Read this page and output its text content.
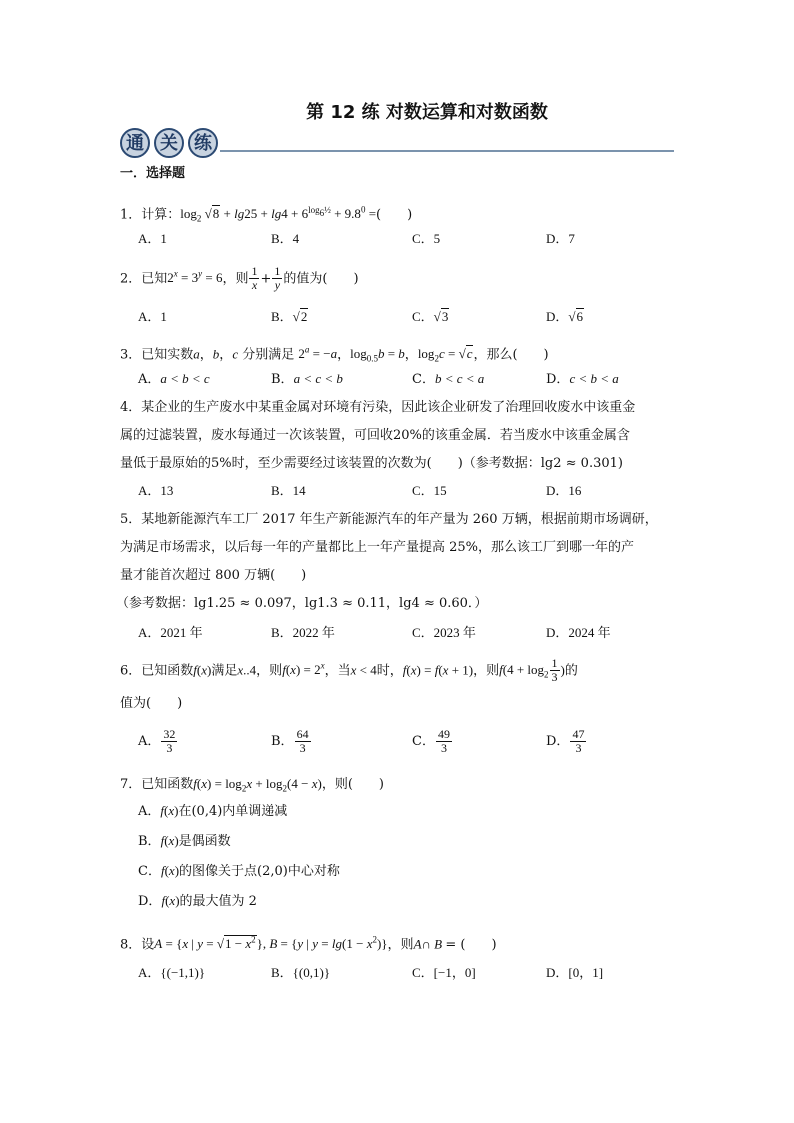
第 12 练 对数运算和对数函数
通 关 练
一．选择题
1．计算：$\log_2 √8 + \lg 25 + \lg 4 + 6^{log_6\frac{1}{2}} + 9.8^0$ =(　　)
A．1	B．4	C．5	D．7
2．已知$2^x = 3^y = 6$，则 $\frac{1}{x} + \frac{1}{y}$ 的值为(　　)
A．1	B．√2	C．√3	D．√6
3．已知实数a，b，c 分别满足 $2^a = -a$，$\log_{0.5}b = b$，$\log_2c = √c$，那么(　　)
A．a < b < c	B．a < c < b	C．b < c < a	D．c < b < a
4．某企业的生产废水中某重金属对环境有污染，因此该企业研发了治理回收废水中该重金
属的过滤装置，废水每通过一次该装置，可回收20%的该重金属．若当废水中该重金属含
量低于最原始的5%时，至少需要经过该装置的次数为(　　)（参考数据：lg2 ≈ 0.301)
A．13	B．14	C．15	D．16
5．某地新能源汽车工厂 2017 年生产新能源汽车的年产量为 260 万辆，根据前期市场调研，
为满足市场需求，以后每一年的产量都比上一年产量提高 25%，那么该工厂到哪一年的产
量才能首次超过 800 万辆(　　)
（参考数据：lg1.25 ≈ 0.097，lg1.3 ≈ 0.11，lg4 ≈ 0.60．）
A．2021 年	B．2022 年	C．2023 年	D．2024 年
6．已知函数f(x)满足x..4，则$f(x) = 2^x$，当x < 4时，f(x) = f(x + 1)，则$f(4 + \log_2 \frac{1}{3}$ )的
值为(　　)
A． $\frac{32}{3}$	B． $\frac{64}{3}$	C． $\frac{49}{3}$	D． $\frac{47}{3}$
7．已知函数$f(x) = \log_2x + \log_2(4 - x)$，则(　　)
A．f(x)在(0,4)内单调递减
B．f(x)是偶函数
C．f(x)的图像关于点(2,0)中心对称
D．f(x)的最大值为 2
8．设A = {x | $y = √1 - x^2$}, B = {y | $y = \lg(1 - x^2)$}，则A∩ B = (　　)
A．{(−1,1)}	B．{(0,1)}	C．[−1，0]	D．[0，1]
